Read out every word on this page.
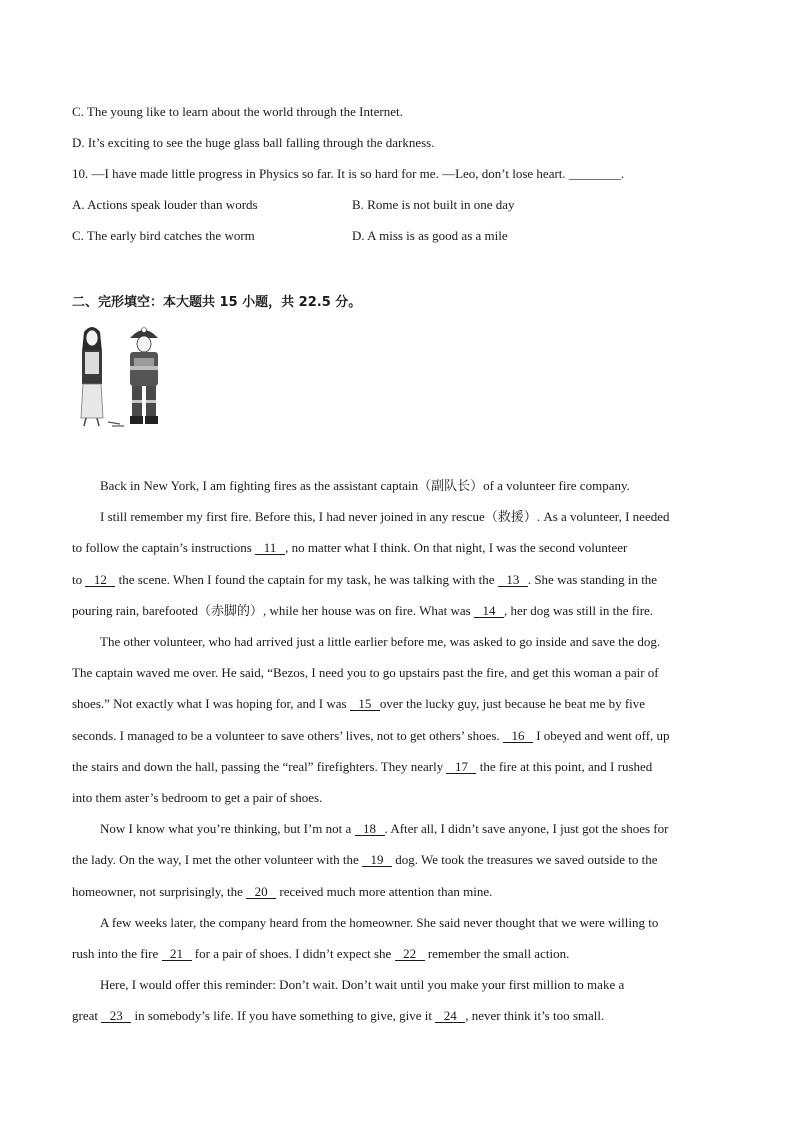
C. The young like to learn about the world through the Internet.
D. It’s exciting to see the huge glass ball falling through the darkness.
10. —I have made little progress in Physics so far. It is so hard for me. —Leo, don’t lose heart. ________.
A. Actions speak louder than words	B. Rome is not built in one day
C. The early bird catches the worm	D. A miss is as good as a mile
二、完形填空：本大题共 15 小题，共 22.5 分。
Back in New York, I am fighting fires as the assistant captain（副队长）of a volunteer fire company.
I still remember my first fire. Before this, I had never joined in any rescue（救援）. As a volunteer, I needed
to follow the captain’s instructions 11 , no matter what I think. On that night, I was the second volunteer
to 12 the scene. When I found the captain for my task, he was talking with the 13 . She was standing in the
pouring rain, barefooted（赤脚的）, while her house was on fire. What was 14 , her dog was still in the fire.
The other volunteer, who had arrived just a little earlier before me, was asked to go inside and save the dog.
The captain waved me over. He said, “Bezos, I need you to go upstairs past the fire, and get this woman a pair of
shoes.” Not exactly what I was hoping for, and I was 15 over the lucky guy, just because he beat me by five
seconds. I managed to be a volunteer to save others’ lives, not to get others’ shoes. 16 I obeyed and went off, up
the stairs and down the hall, passing the “real” firefighters. They nearly 17 the fire at this point, and I rushed
into them aster’s bedroom to get a pair of shoes.
Now I know what you’re thinking, but I’m not a 18 . After all, I didn’t save anyone, I just got the shoes for
the lady. On the way, I met the other volunteer with the 19 dog. We took the treasures we saved outside to the
homeowner, not surprisingly, the 20 received much more attention than mine.
A few weeks later, the company heard from the homeowner. She said never thought that we were willing to
rush into the fire 21 for a pair of shoes. I didn’t expect she 22 remember the small action.
Here, I would offer this reminder: Don’t wait. Don’t wait until you make your first million to make a
great 23 in somebody’s life. If you have something to give, give it 24 , never think it’s too small.
